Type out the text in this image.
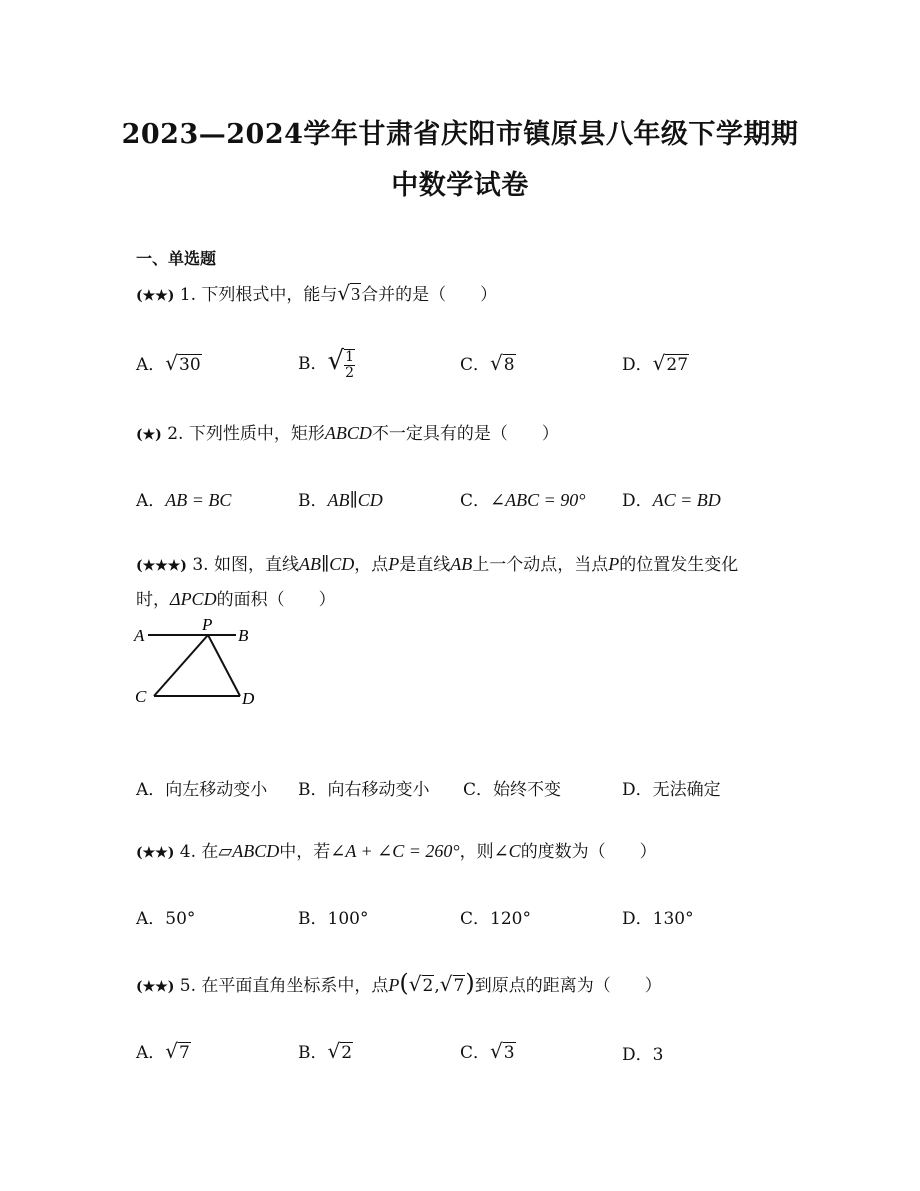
2023—2024学年甘肃省庆阳市镇原县八年级下学期期
中数学试卷
一、单选题
(★★) 1. 下列根式中，能与√3合并的是（　　）
A．√30	B．√ $\frac{1}{2}$	C．√8	D．√27
(★) 2. 下列性质中，矩形ABCD不一定具有的是（　　）
A．AB = BC	B．AB∥CD	C．∠ABC = 90° D．AC = BD
(★★★) 3. 如图，直线AB∥CD，点P是直线AB上一个动点，当点P的位置发生变化
时，ΔPCD的面积（　　）
A
P
B
C	D
A．向左移动变小 B．向右移动变小 C．始终不变	D．无法确定
(★★) 4. 在▱ABCD中，若∠A + ∠C = 260°，则∠C的度数为（　　）
A．50°	B．100°	C．120°	D．130°
(★★) 5. 在平面直角坐标系中，点P(√2,√7)到原点的距离为（　　）
A．√7	B．√2	C．√3	D．3
